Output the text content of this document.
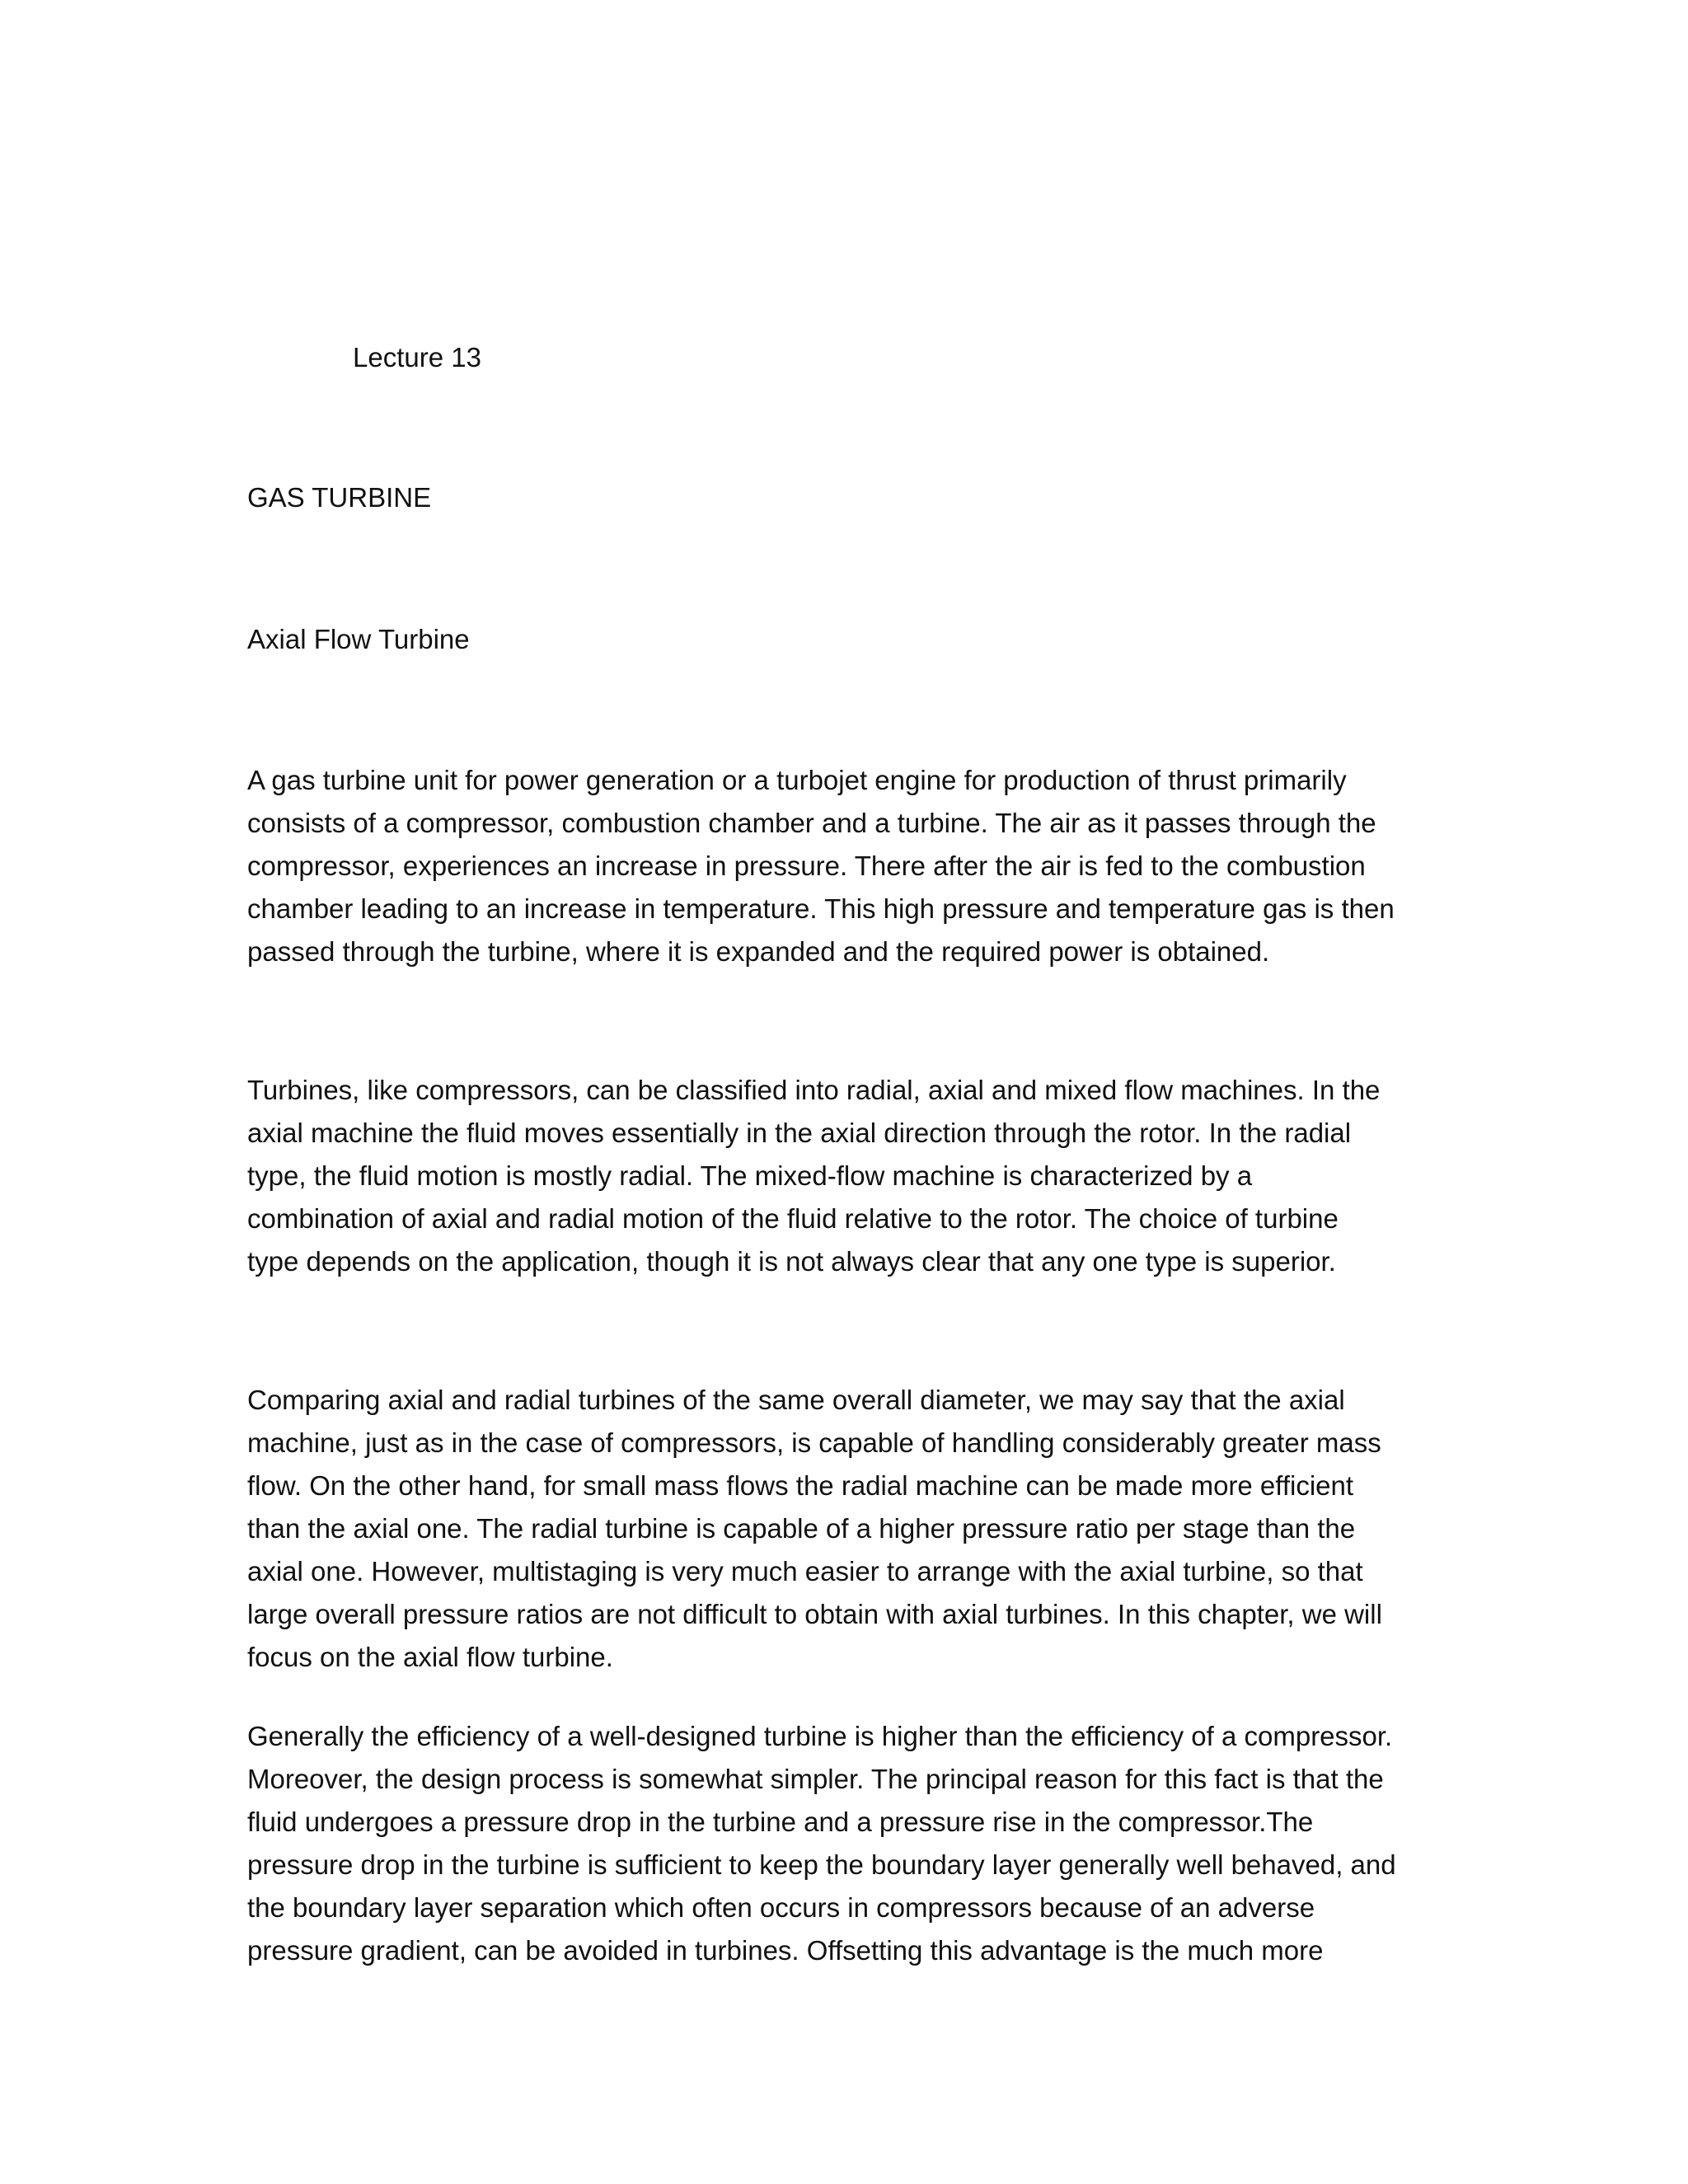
Lecture 13

GAS TURBINE

Axial Flow Turbine

A gas turbine unit for power generation or a turbojet engine for production of thrust primarily
consists of a compressor, combustion chamber and a turbine. The air as it passes through the
compressor, experiences an increase in pressure. There after the air is fed to the combustion
chamber leading to an increase in temperature. This high pressure and temperature gas is then
passed through the turbine, where it is expanded and the required power is obtained.
Turbines, like compressors, can be classified into radial, axial and mixed flow machines. In the
axial machine the fluid moves essentially in the axial direction through the rotor. In the radial
type, the fluid motion is mostly radial. The mixed-flow machine is characterized by a
combination of axial and radial motion of the fluid relative to the rotor. The choice of turbine
type depends on the application, though it is not always clear that any one type is superior.
Comparing axial and radial turbines of the same overall diameter, we may say that the axial
machine, just as in the case of compressors, is capable of handling considerably greater mass
flow. On the other hand, for small mass flows the radial machine can be made more efficient
than the axial one. The radial turbine is capable of a higher pressure ratio per stage than the
axial one. However, multistaging is very much easier to arrange with the axial turbine, so that
large overall pressure ratios are not difficult to obtain with axial turbines. In this chapter, we will
focus on the axial flow turbine.
Generally the efficiency of a well-designed turbine is higher than the efficiency of a compressor.
Moreover, the design process is somewhat simpler. The principal reason for this fact is that the
fluid undergoes a pressure drop in the turbine and a pressure rise in the compressor.The
pressure drop in the turbine is sufficient to keep the boundary layer generally well behaved, and
the boundary layer separation which often occurs in compressors because of an adverse
pressure gradient, can be avoided in turbines. Offsetting this advantage is the much more
